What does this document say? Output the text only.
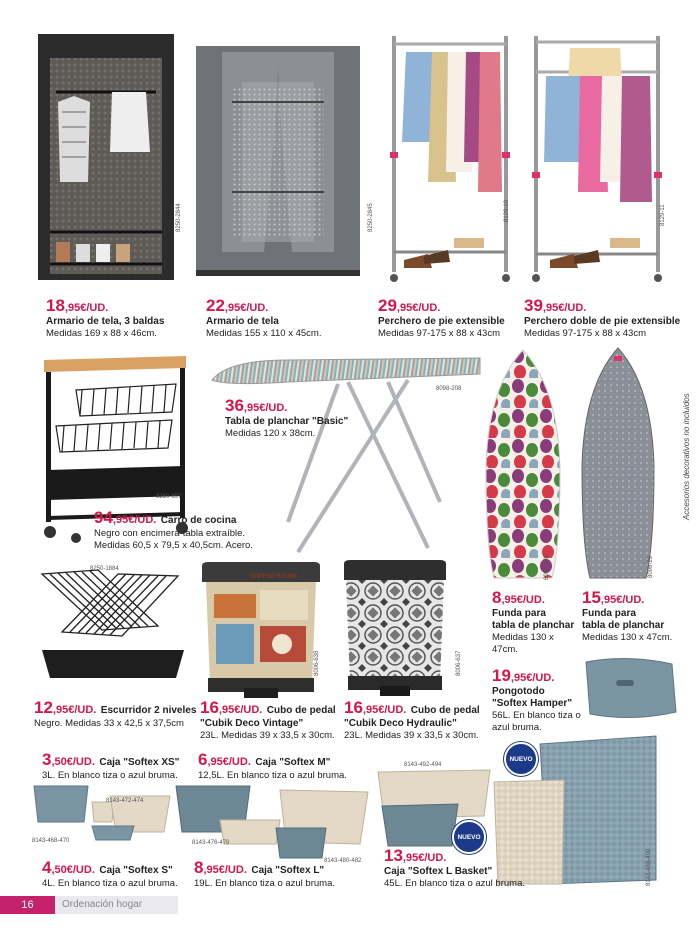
8250-2844	8250-2845	8129-10	8129-11
18,95€/UD.
Armario de tela, 3 baldas
Medidas 169 x 88 x 46cm.
22,95€/UD.
Armario de tela
Medidas 155 x 110 x 45cm.
29,95€/UD.
Perchero de pie extensible
Medidas 97-175 x 88 x 43cm
39,95€/UD.
Perchero doble de pie extensible
Medidas 97-175 x 88 x 43cm
8250-697
8098-208
36,95€/UD.
Tabla de planchar "Basic"
Medidas 120 x 38cm.
94,95€/UD. Carro de cocina
Negro con encimera-tabla extraíble.
Medidas 60,5 x 79,5 x 40,5cm. Acero.
8098-149	8098-29
Accesorios decorativos no incluidos
8,95€/UD.
Funda para
tabla de planchar
Medidas 130 x 47cm.
15,95€/UD.
Funda para
tabla de planchar
Medidas 130 x 47cm.
8250-1884
COFFEE HOUSE
8006-638	8006-637
8143-488-490
NUEVO
12,95€/UD. Escurridor 2 niveles
Negro. Medidas 33 x 42,5 x 37,5cm
16,95€/UD. Cubo de pedal
"Cubik Deco Vintage"
23L. Medidas 39 x 33,5 x 30cm.
16,95€/UD. Cubo de pedal
"Cubik Deco Hydraulic"
23L. Medidas 39 x 33,5 x 30cm.
19,95€/UD.
Pongotodo
"Softex Hamper"
56L. En blanco tiza o
azul bruma.
3,50€/UD. Caja "Softex XS"
3L. En blanco tiza o azul bruma.
6,95€/UD. Caja "Softex M"
12,5L. En blanco tiza o azul bruma.
8143-472-474
8143-468-470	8143-476-478
8143-480-482
8143-492-494
NUEVO
4,50€/UD. Caja "Softex S"
4L. En blanco tiza o azul bruma.
8,95€/UD. Caja "Softex L"
19L. En blanco tiza o azul bruma.
13,95€/UD.
Caja "Softex L Basket"
45L. En blanco tiza o azul bruma.
16	Ordenación hogar
